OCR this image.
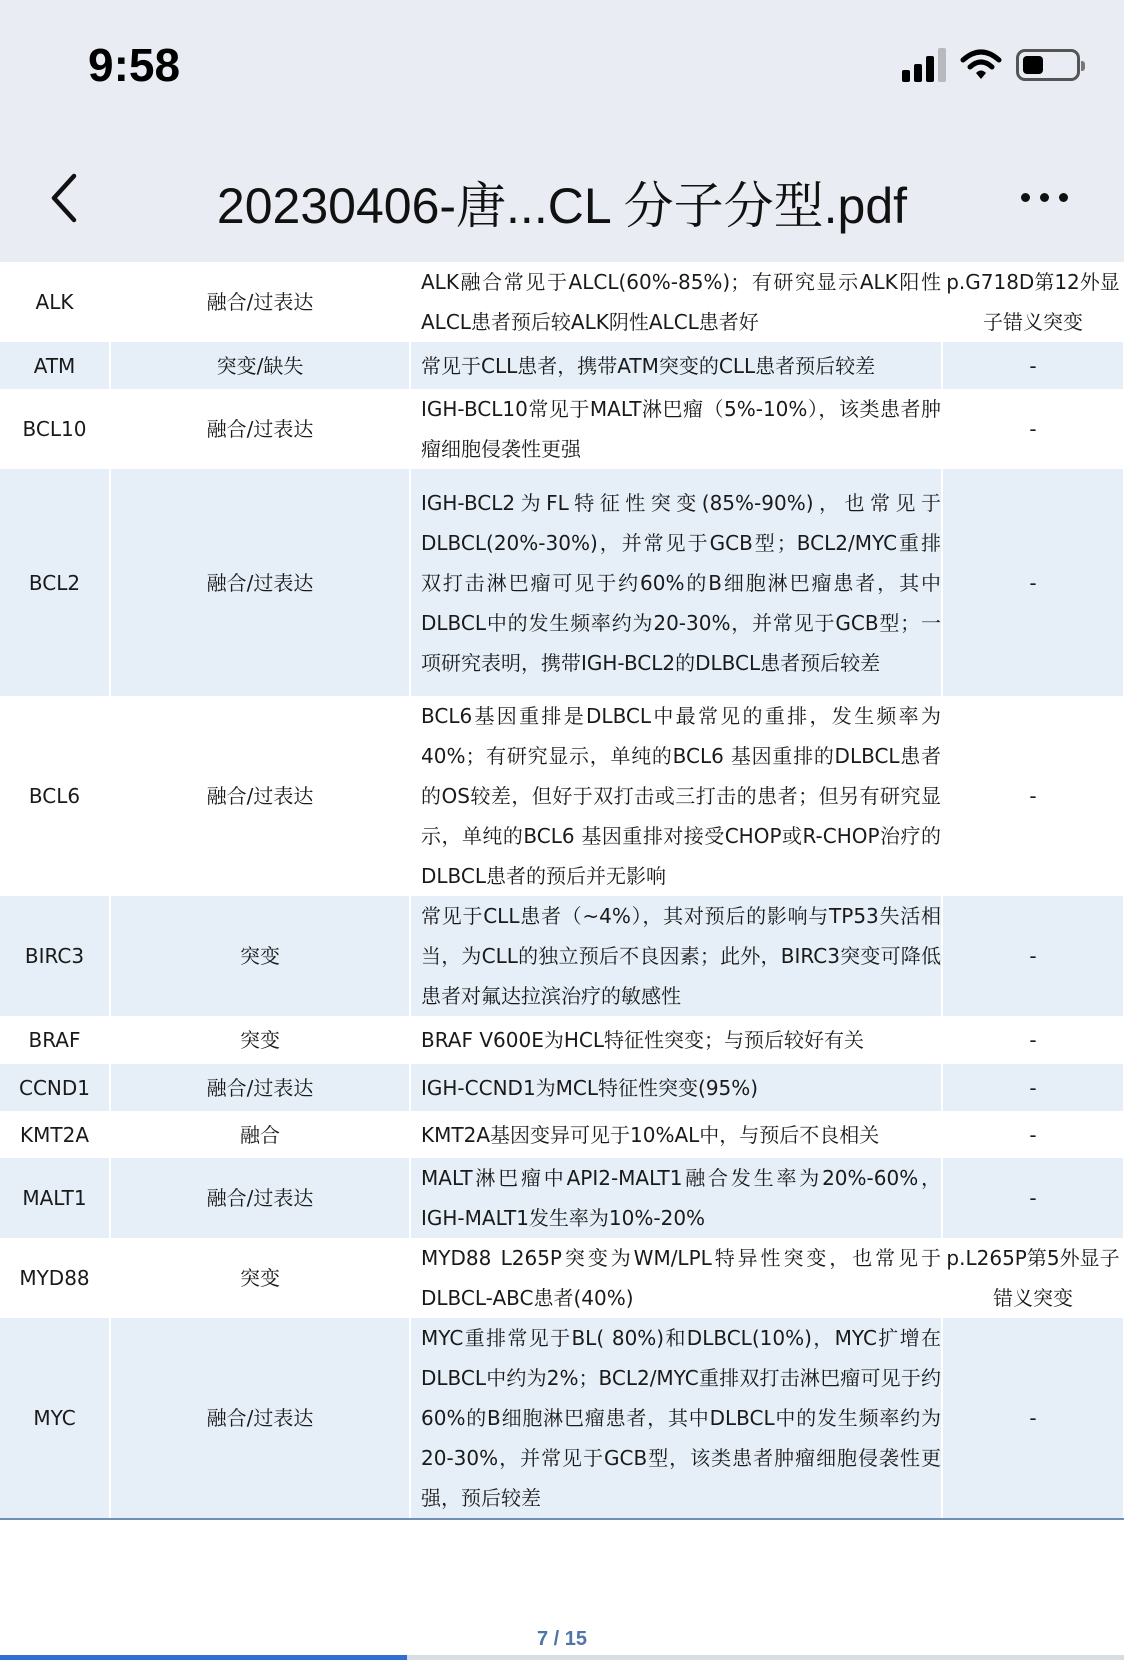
9:58
20230406-唐...CL 分子分型.pdf
ALK	融合/过表达	ALK融合常见于ALCL(60%-85%)；有研究显示ALK阳性ALCL患者预后较ALK阴性ALCL患者好	p.G718D第12外显子错义突变
ATM	突变/缺失	常见于CLL患者，携带ATM突变的CLL患者预后较差	-
BCL10	融合/过表达	IGH-BCL10常见于MALT淋巴瘤（5%-10%），该类患者肿瘤细胞侵袭性更强	-
BCL2	融合/过表达	IGH-BCL2为FL特征性突变(85%-90%)，也常见于DLBCL(20%-30%)，并常见于GCB型；BCL2/MYC重排双打击淋巴瘤可见于约60%的B细胞淋巴瘤患者，其中DLBCL中的发生频率约为20-30%，并常见于GCB型；一项研究表明，携带IGH-BCL2的DLBCL患者预后较差	-
BCL6	融合/过表达	BCL6基因重排是DLBCL中最常见的重排，发生频率为40%；有研究显示，单纯的BCL6 基因重排的DLBCL患者的OS较差，但好于双打击或三打击的患者；但另有研究显示，单纯的BCL6 基因重排对接受CHOP或R-CHOP治疗的DLBCL患者的预后并无影响	-
BIRC3	突变	常见于CLL患者（~4%），其对预后的影响与TP53失活相当，为CLL的独立预后不良因素；此外，BIRC3突变可降低患者对氟达拉滨治疗的敏感性	-
BRAF	突变	BRAF V600E为HCL特征性突变；与预后较好有关	-
CCND1	融合/过表达	IGH-CCND1为MCL特征性突变(95%)	-
KMT2A	融合	KMT2A基因变异可见于10%AL中，与预后不良相关	-
MALT1	融合/过表达	MALT淋巴瘤中API2-MALT1融合发生率为20%-60%，IGH-MALT1发生率为10%-20%	-
MYD88	突变	MYD88 L265P突变为WM/LPL特异性突变，也常见于DLBCL-ABC患者(40%)	p.L265P第5外显子错义突变
MYC	融合/过表达	MYC重排常见于BL( 80%)和DLBCL(10%)，MYC扩增在DLBCL中约为2%；BCL2/MYC重排双打击淋巴瘤可见于约60%的B细胞淋巴瘤患者，其中DLBCL中的发生频率约为20-30%，并常见于GCB型，该类患者肿瘤细胞侵袭性更强，预后较差	-
7 / 15
